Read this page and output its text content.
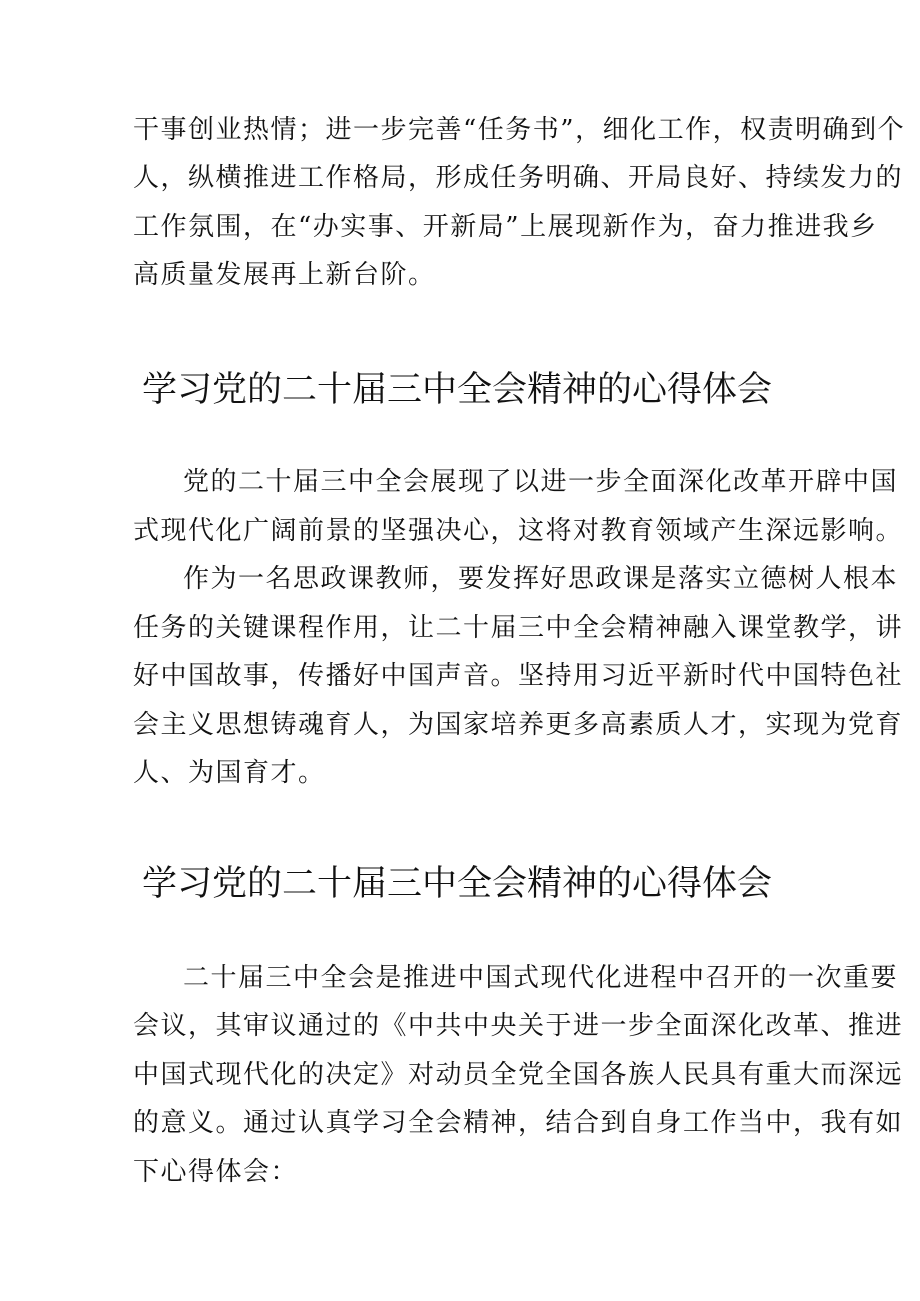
干事创业热情；进一步完善“任务书”，细化工作，权责明确到个
人，纵横推进工作格局，形成任务明确、开局良好、持续发力的
工作氛围，在“办实事、开新局”上展现新作为，奋力推进我乡
高质量发展再上新台阶。
学习党的二十届三中全会精神的心得体会
党的二十届三中全会展现了以进一步全面深化改革开辟中国
式现代化广阔前景的坚强决心，这将对教育领域产生深远影响。
作为一名思政课教师，要发挥好思政课是落实立德树人根本
任务的关键课程作用，让二十届三中全会精神融入课堂教学，讲
好中国故事，传播好中国声音。坚持用习近平新时代中国特色社
会主义思想铸魂育人，为国家培养更多高素质人才，实现为党育
人、为国育才。
学习党的二十届三中全会精神的心得体会
二十届三中全会是推进中国式现代化进程中召开的一次重要
会议，其审议通过的《中共中央关于进一步全面深化改革、推进
中国式现代化的决定》对动员全党全国各族人民具有重大而深远
的意义。通过认真学习全会精神，结合到自身工作当中，我有如
下心得体会：
